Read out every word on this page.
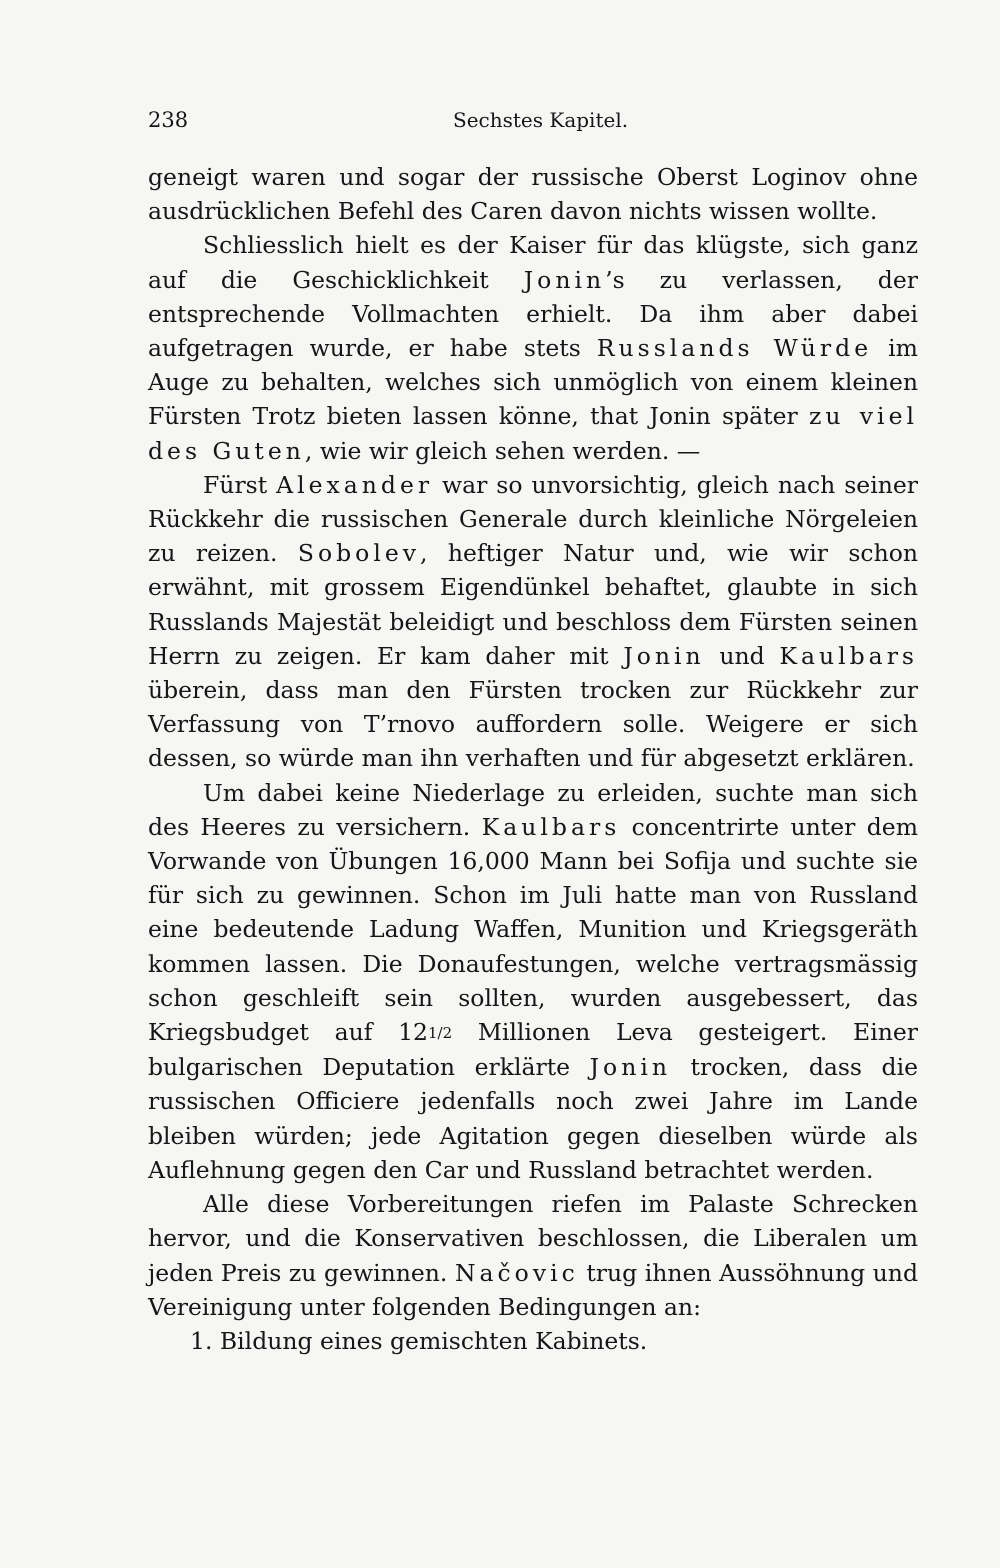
238	Sechstes Kapitel.

geneigt waren und sogar der russische Oberst Loginov ohne ausdrücklichen Befehl des Caren davon nichts wissen wollte.

Schliesslich hielt es der Kaiser für das klügste, sich ganz auf die Geschicklichkeit Jonin’s zu verlassen, der entsprechende Vollmachten erhielt. Da ihm aber dabei aufgetragen wurde, er habe stets Russlands Würde im Auge zu behalten, welches sich unmöglich von einem kleinen Fürsten Trotz bieten lassen könne, that Jonin später zu viel des Guten, wie wir gleich sehen werden. —

Fürst Alexander war so unvorsichtig, gleich nach seiner Rückkehr die russischen Generale durch kleinliche Nörgeleien zu reizen. Sobolev, heftiger Natur und, wie wir schon erwähnt, mit grossem Eigendünkel behaftet, glaubte in sich Russlands Majestät beleidigt und beschloss dem Fürsten seinen Herrn zu zeigen. Er kam daher mit Jonin und Kaulbars überein, dass man den Fürsten trocken zur Rückkehr zur Verfassung von T’rnovo auffordern solle. Weigere er sich dessen, so würde man ihn verhaften und für abgesetzt erklären.

Um dabei keine Niederlage zu erleiden, suchte man sich des Heeres zu versichern. Kaulbars concentrirte unter dem Vorwande von Übungen 16,000 Mann bei Sofija und suchte sie für sich zu gewinnen. Schon im Juli hatte man von Russland eine bedeutende Ladung Waffen, Munition und Kriegsgeräth kommen lassen. Die Donaufestungen, welche vertragsmässig schon geschleift sein sollten, wurden ausgebessert, das Kriegsbudget auf 121/2 Millionen Leva gesteigert. Einer bulgarischen Deputation erklärte Jonin trocken, dass die russischen Officiere jedenfalls noch zwei Jahre im Lande bleiben würden; jede Agitation gegen dieselben würde als Auflehnung gegen den Car und Russland betrachtet werden.

Alle diese Vorbereitungen riefen im Palaste Schrecken hervor, und die Konservativen beschlossen, die Liberalen um jeden Preis zu gewinnen. Načovic trug ihnen Aussöhnung und Vereinigung unter folgenden Bedingungen an:

1. Bildung eines gemischten Kabinets.
